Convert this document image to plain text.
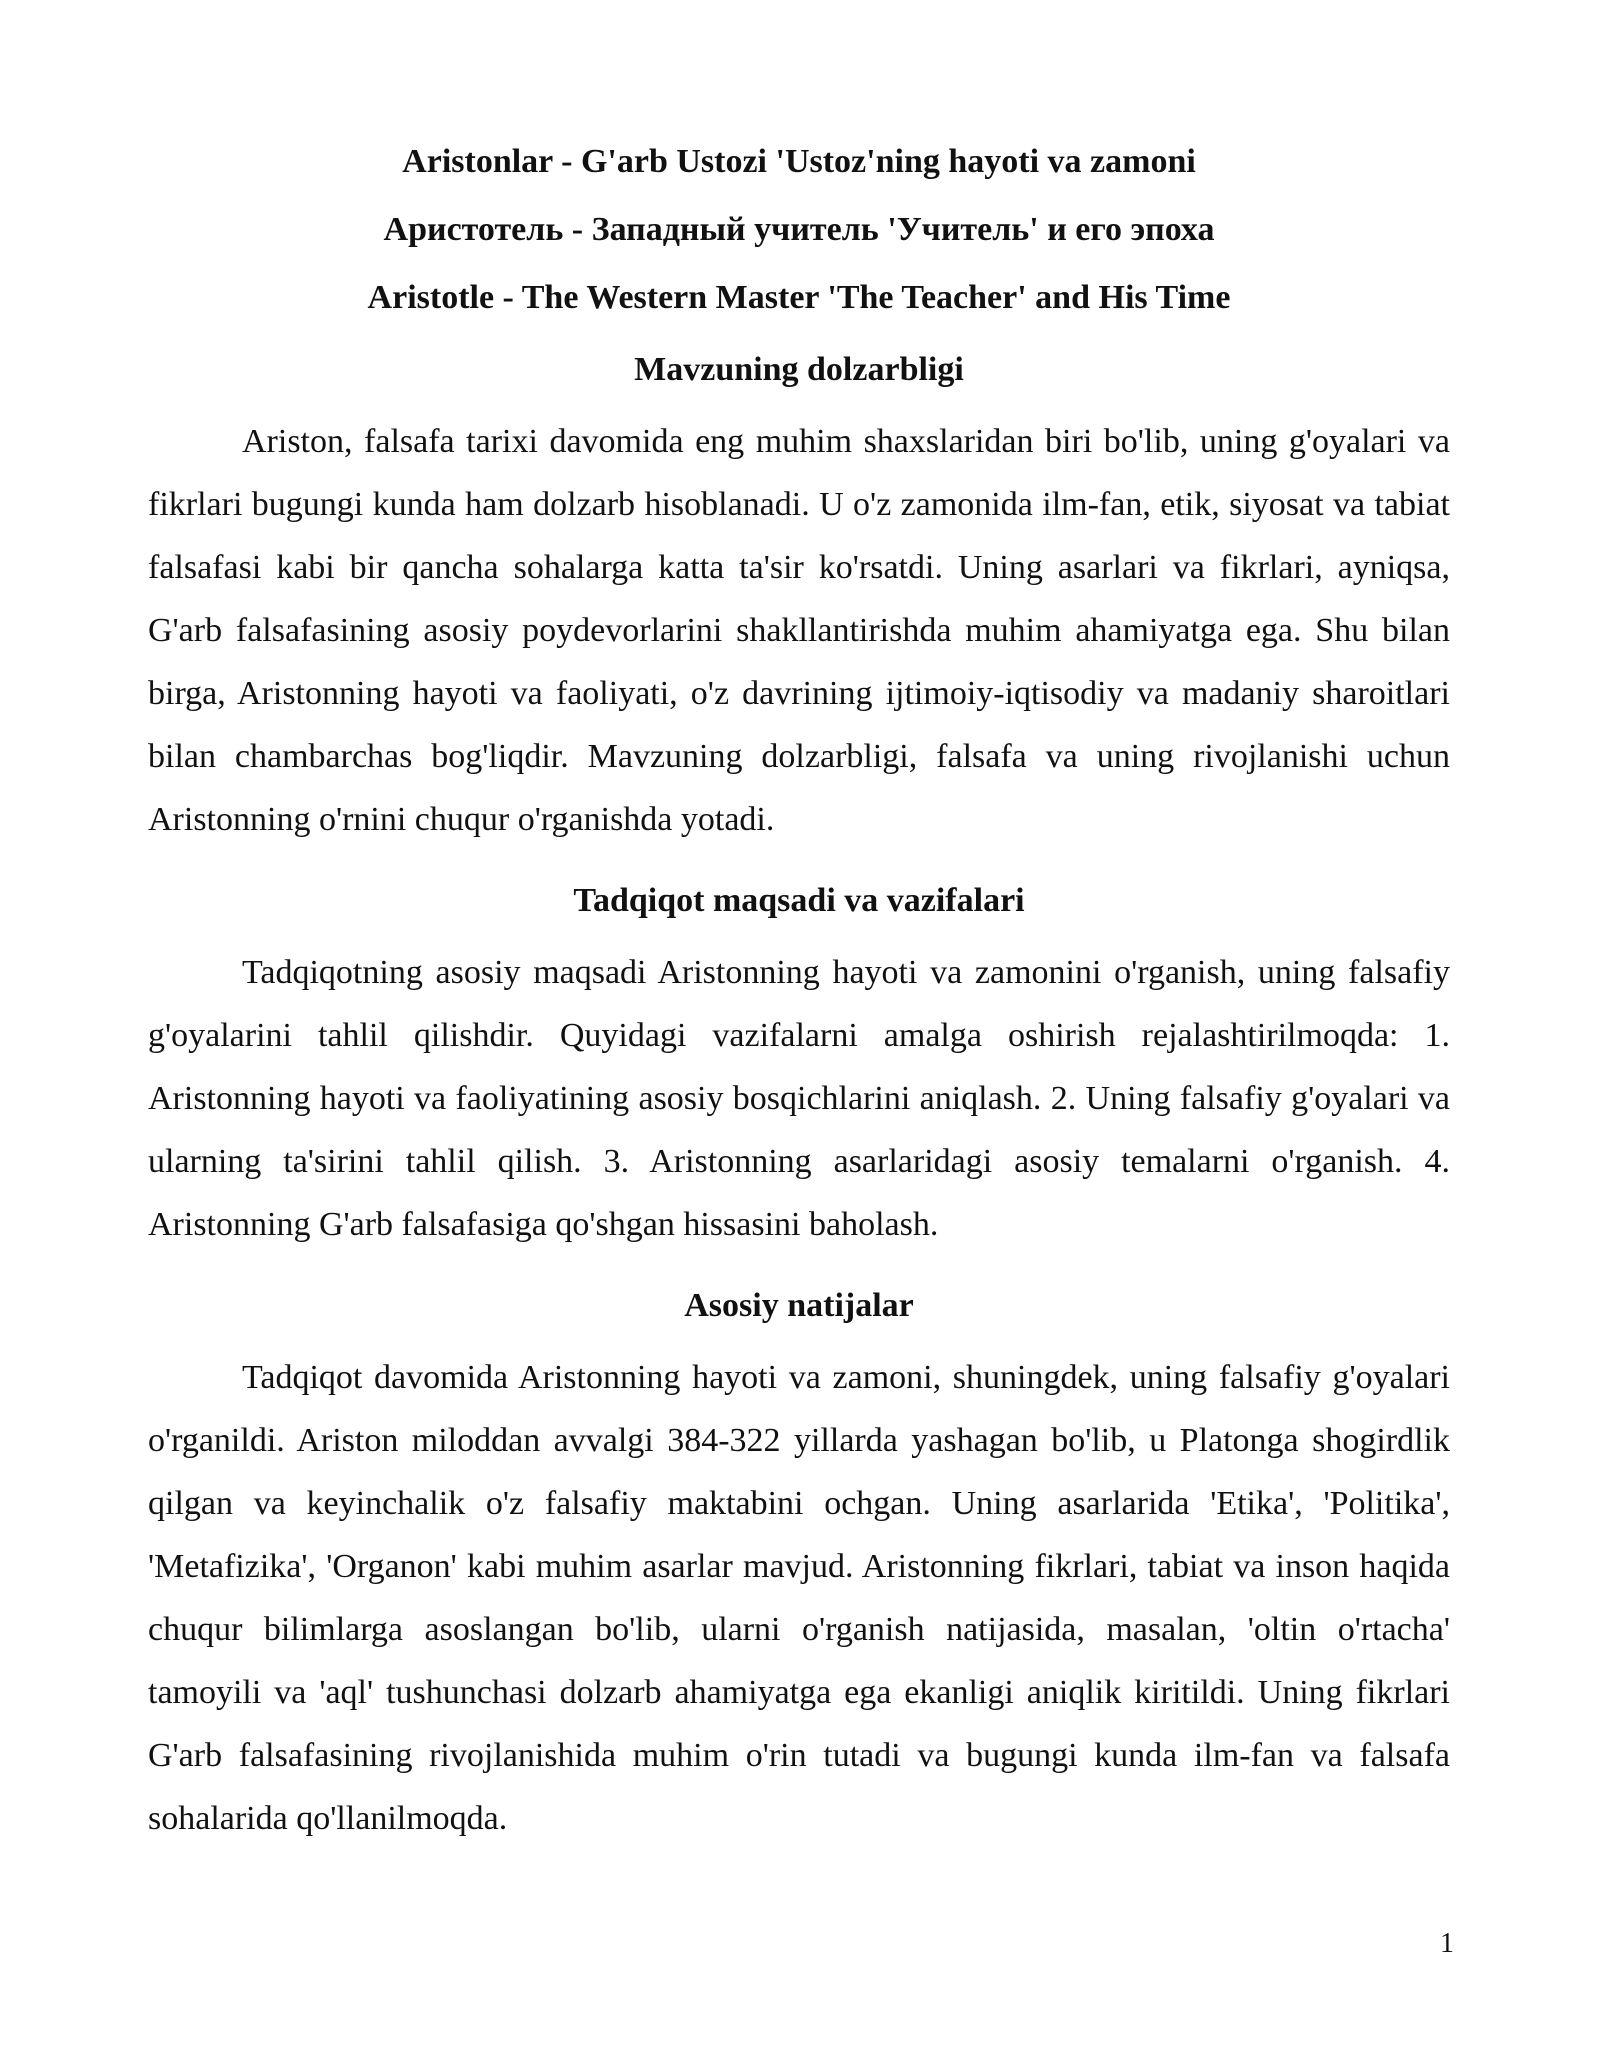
Aristonlar - G'arb Ustozi 'Ustoz'ning hayoti va zamoni
Аристотель - Западный учитель 'Учитель' и его эпоха
Aristotle - The Western Master 'The Teacher' and His Time
Mavzuning dolzarbligi

Ariston, falsafa tarixi davomida eng muhim shaxslaridan biri bo'lib, uning g'oyalari va fikrlari bugungi kunda ham dolzarb hisoblanadi. U o'z zamonida ilm-fan, etik, siyosat va tabiat falsafasi kabi bir qancha sohalarga katta ta'sir ko'rsatdi. Uning asarlari va fikrlari, ayniqsa, G'arb falsafasining asosiy poydevorlarini shakllantirishda muhim ahamiyatga ega. Shu bilan birga, Aristonning hayoti va faoliyati, o'z davrining ijtimoiy-iqtisodiy va madaniy sharoitlari bilan chambarchas bog'liqdir. Mavzuning dolzarbligi, falsafa va uning rivojlanishi uchun Aristonning o'rnini chuqur o'rganishda yotadi.

Tadqiqot maqsadi va vazifalari

Tadqiqotning asosiy maqsadi Aristonning hayoti va zamonini o'rganish, uning falsafiy g'oyalarini tahlil qilishdir. Quyidagi vazifalarni amalga oshirish rejalashtirilmoqda: 1. Aristonning hayoti va faoliyatining asosiy bosqichlarini aniqlash. 2. Uning falsafiy g'oyalari va ularning ta'sirini tahlil qilish. 3. Aristonning asarlaridagi asosiy temalarni o'rganish. 4. Aristonning G'arb falsafasiga qo'shgan hissasini baholash.

Asosiy natijalar

Tadqiqot davomida Aristonning hayoti va zamoni, shuningdek, uning falsafiy g'oyalari o'rganildi. Ariston miloddan avvalgi 384-322 yillarda yashagan bo'lib, u Platonga shogirdlik qilgan va keyinchalik o'z falsafiy maktabini ochgan. Uning asarlarida 'Etika', 'Politika', 'Metafizika', 'Organon' kabi muhim asarlar mavjud. Aristonning fikrlari, tabiat va inson haqida chuqur bilimlarga asoslangan bo'lib, ularni o'rganish natijasida, masalan, 'oltin o'rtacha' tamoyili va 'aql' tushunchasi dolzarb ahamiyatga ega ekanligi aniqlik kiritildi. Uning fikrlari G'arb falsafasining rivojlanishida muhim o'rin tutadi va bugungi kunda ilm-fan va falsafa sohalarida qo'llanilmoqda.

1
